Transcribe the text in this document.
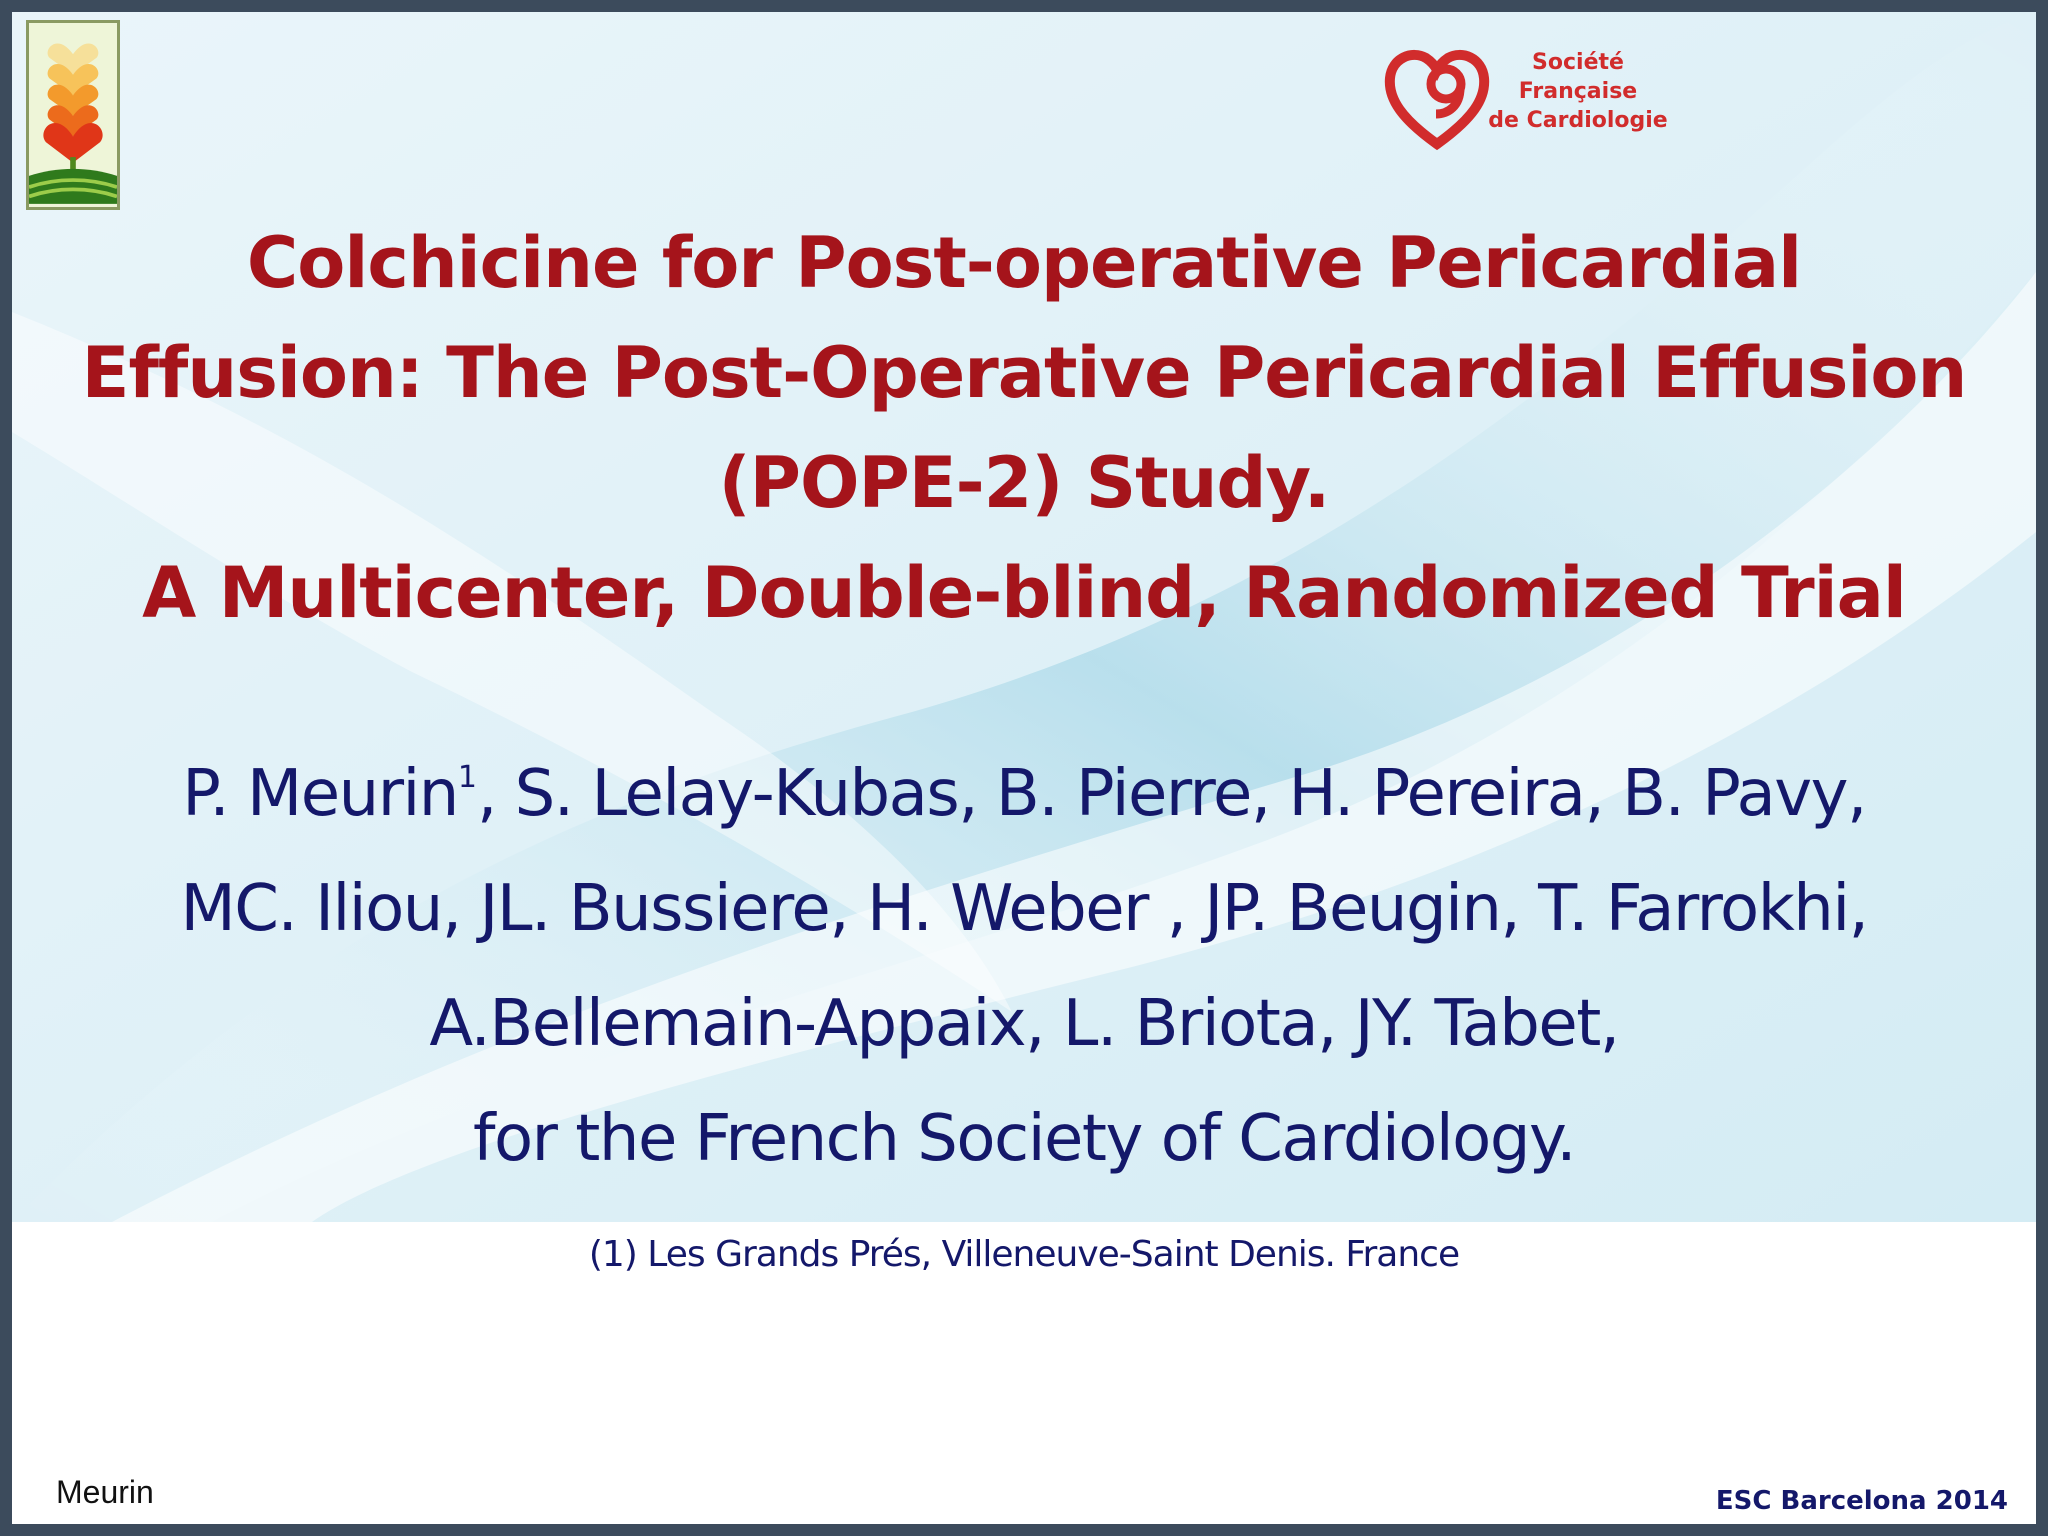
Société
Française
de Cardiologie
Colchicine for Post-operative Pericardial
Effusion: The Post-Operative Pericardial Effusion
(POPE-2) Study.
A Multicenter, Double-blind, Randomized Trial
P. Meurin$^1$, S. Lelay-Kubas, B. Pierre, H. Pereira, B. Pavy,
MC. Iliou, JL. Bussiere, H. Weber , JP. Beugin, T. Farrokhi,
A.Bellemain-Appaix, L. Briota, JY. Tabet,
for the French Society of Cardiology.
(1) Les Grands Prés, Villeneuve-Saint Denis. France
Meurin	ESC Barcelona 2014
